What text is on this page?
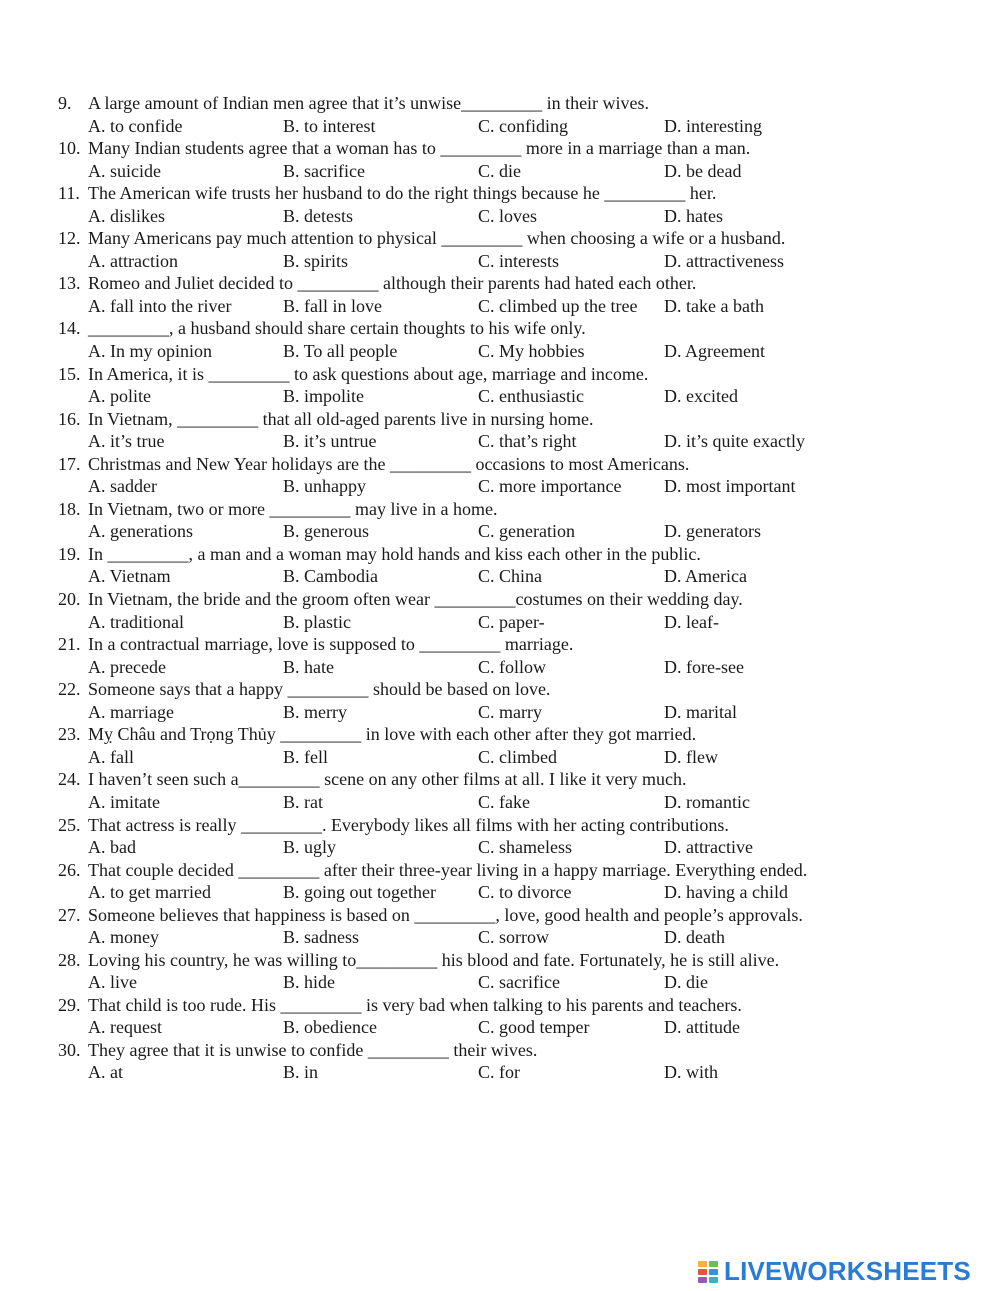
9. A large amount of Indian men agree that it’s unwise_________ in their wives.
A. to confide	B. to interest	C. confiding	D. interesting
10. Many Indian students agree that a woman has to _________ more in a marriage than a man.
A. suicide	B. sacrifice	C. die	D. be dead
11. The American wife trusts her husband to do the right things because he _________ her.
A. dislikes	B. detests	C. loves	D. hates
12. Many Americans pay much attention to physical _________ when choosing a wife or a husband.
A. attraction	B. spirits	C. interests	D. attractiveness
13. Romeo and Juliet decided to _________ although their parents had hated each other.
A. fall into the river	B. fall in love	C. climbed up the tree D. take a bath
14. _________, a husband should share certain thoughts to his wife only.
A. In my opinion	B. To all people	C. My hobbies	D. Agreement
15. In America, it is _________ to ask questions about age, marriage and income.
A. polite	B. impolite	C. enthusiastic	D. excited
16. In Vietnam, _________ that all old-aged parents live in nursing home.
A. it’s true	B. it’s untrue	C. that’s right	D. it’s quite exactly
17. Christmas and New Year holidays are the _________ occasions to most Americans.
A. sadder	B. unhappy	C. more importance D. most important
18. In Vietnam, two or more _________ may live in a home.
A. generations	B. generous	C. generation	D. generators
19. In _________, a man and a woman may hold hands and kiss each other in the public.
A. Vietnam	B. Cambodia	C. China	D. America
20. In Vietnam, the bride and the groom often wear _________costumes on their wedding day.
A. traditional	B. plastic	C. paper-	D. leaf-
21. In a contractual marriage, love is supposed to _________ marriage.
A. precede	B. hate	C. follow	D. fore-see
22. Someone says that a happy _________ should be based on love.
A. marriage	B. merry	C. marry	D. marital
23. Mỵ Châu and Trọng Thủy _________ in love with each other after they got married.
A. fall	B. fell	C. climbed	D. flew
24. I haven’t seen such a_________ scene on any other films at all. I like it very much.
A. imitate	B. rat	C. fake	D. romantic
25. That actress is really _________. Everybody likes all films with her acting contributions.
A. bad	B. ugly	C. shameless	D. attractive
26. That couple decided _________ after their three-year living in a happy marriage. Everything ended.
A. to get married	B. going out together C. to divorce	D. having a child
27. Someone believes that happiness is based on _________, love, good health and people’s approvals.
A. money	B. sadness	C. sorrow	D. death
28. Loving his country, he was willing to_________ his blood and fate. Fortunately, he is still alive.
A. live	B. hide	C. sacrifice	D. die
29. That child is too rude. His _________ is very bad when talking to his parents and teachers.
A. request	B. obedience	C. good temper	D. attitude
30. They agree that it is unwise to confide _________ their wives.
A. at	B. in	C. for	D. with
LIVEWORKSHEETS
